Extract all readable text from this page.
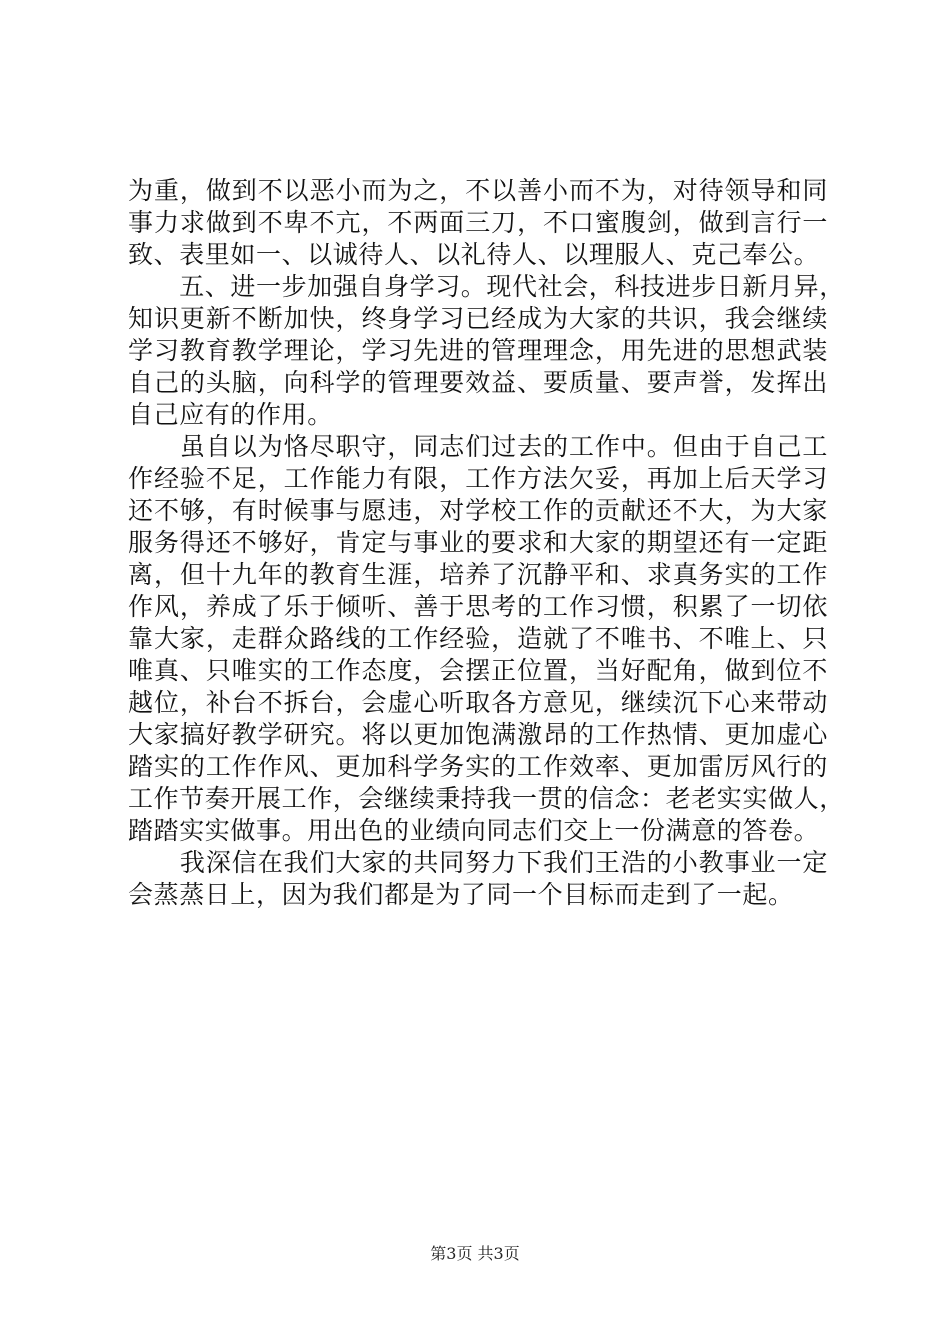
为重，做到不以恶小而为之，不以善小而不为，对待领导和同
事力求做到不卑不亢，不两面三刀，不口蜜腹剑，做到言行一
致、表里如一、以诚待人、以礼待人、以理服人、克己奉公。
　　五、进一步加强自身学习。现代社会，科技进步日新月异，
知识更新不断加快，终身学习已经成为大家的共识，我会继续
学习教育教学理论，学习先进的管理理念，用先进的思想武装
自己的头脑，向科学的管理要效益、要质量、要声誉，发挥出
自己应有的作用。
　　虽自以为恪尽职守，同志们过去的工作中。但由于自己工
作经验不足，工作能力有限，工作方法欠妥，再加上后天学习
还不够，有时候事与愿违，对学校工作的贡献还不大，为大家
服务得还不够好，肯定与事业的要求和大家的期望还有一定距
离，但十九年的教育生涯，培养了沉静平和、求真务实的工作
作风，养成了乐于倾听、善于思考的工作习惯，积累了一切依
靠大家，走群众路线的工作经验，造就了不唯书、不唯上、只
唯真、只唯实的工作态度，会摆正位置，当好配角，做到位不
越位，补台不拆台，会虚心听取各方意见，继续沉下心来带动
大家搞好教学研究。将以更加饱满激昂的工作热情、更加虚心
踏实的工作作风、更加科学务实的工作效率、更加雷厉风行的
工作节奏开展工作，会继续秉持我一贯的信念：老老实实做人，
踏踏实实做事。用出色的业绩向同志们交上一份满意的答卷。
　　我深信在我们大家的共同努力下我们王浩的小教事业一定
会蒸蒸日上，因为我们都是为了同一个目标而走到了一起。
第3页 共3页
